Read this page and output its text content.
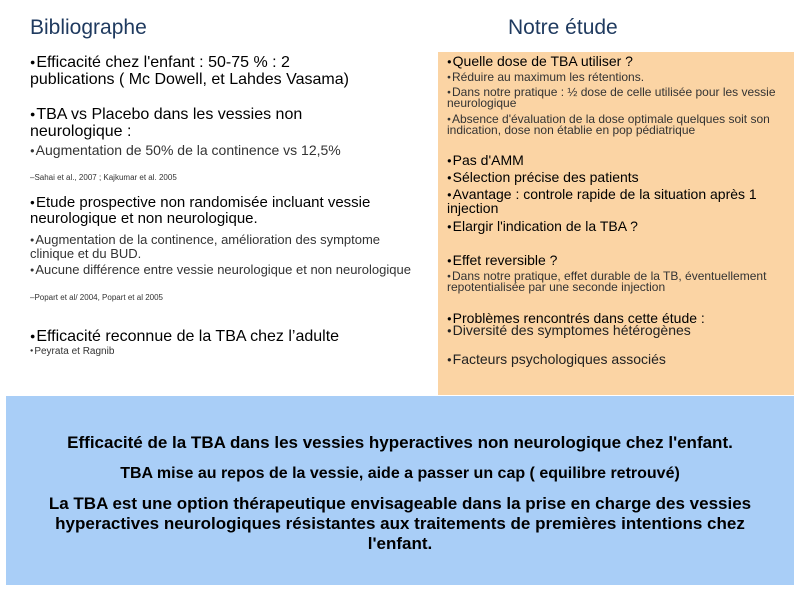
Bibliographe	Notre étude
● Efficacité chez l'enfant : 50-75 % : 2 publications ( Mc Dowell, et Lahdes Vasama)
● TBA vs Placebo dans les vessies non neurologique :
● Augmentation de 50% de la continence vs 12,5%
–Sahai et al., 2007 ; Kajkumar et al. 2005
● Etude prospective non randomisée incluant vessie neurologique et non neurologique.
● Augmentation de la continence, amélioration des symptome clinique et du BUD.
● Aucune différence entre vessie neurologique et non neurologique
–Popart et al/ 2004, Popart et al 2005
● Efficacité reconnue de la TBA chez l’adulte
● Peyrata et Ragnib
● Quelle dose de TBA utiliser ?
● Réduire au maximum les rétentions.
● Dans notre pratique : ½ dose de celle utilisée pour les vessie neurologique
● Absence d'évaluation de la dose optimale quelques soit son indication, dose non établie en pop pédiatrique
● Pas d'AMM
● Sélection précise des patients
● Avantage : controle rapide de la situation après 1 injection
● Elargir l'indication de la TBA ?
● Effet reversible ?
● Dans notre pratique, effet durable de la TB, éventuellement repotentialisée par une seconde injection
● Problèmes rencontrés dans cette étude :
● Diversité des symptomes hétérogènes
● Facteurs psychologiques associés
Efficacité de la TBA dans les vessies hyperactives non neurologique chez l'enfant.
TBA mise au repos de la vessie, aide a passer un cap ( equilibre retrouvé)
La TBA est une option thérapeutique envisageable dans la prise en charge des vessies hyperactives neurologiques résistantes aux traitements de premières intentions chez l'enfant.
